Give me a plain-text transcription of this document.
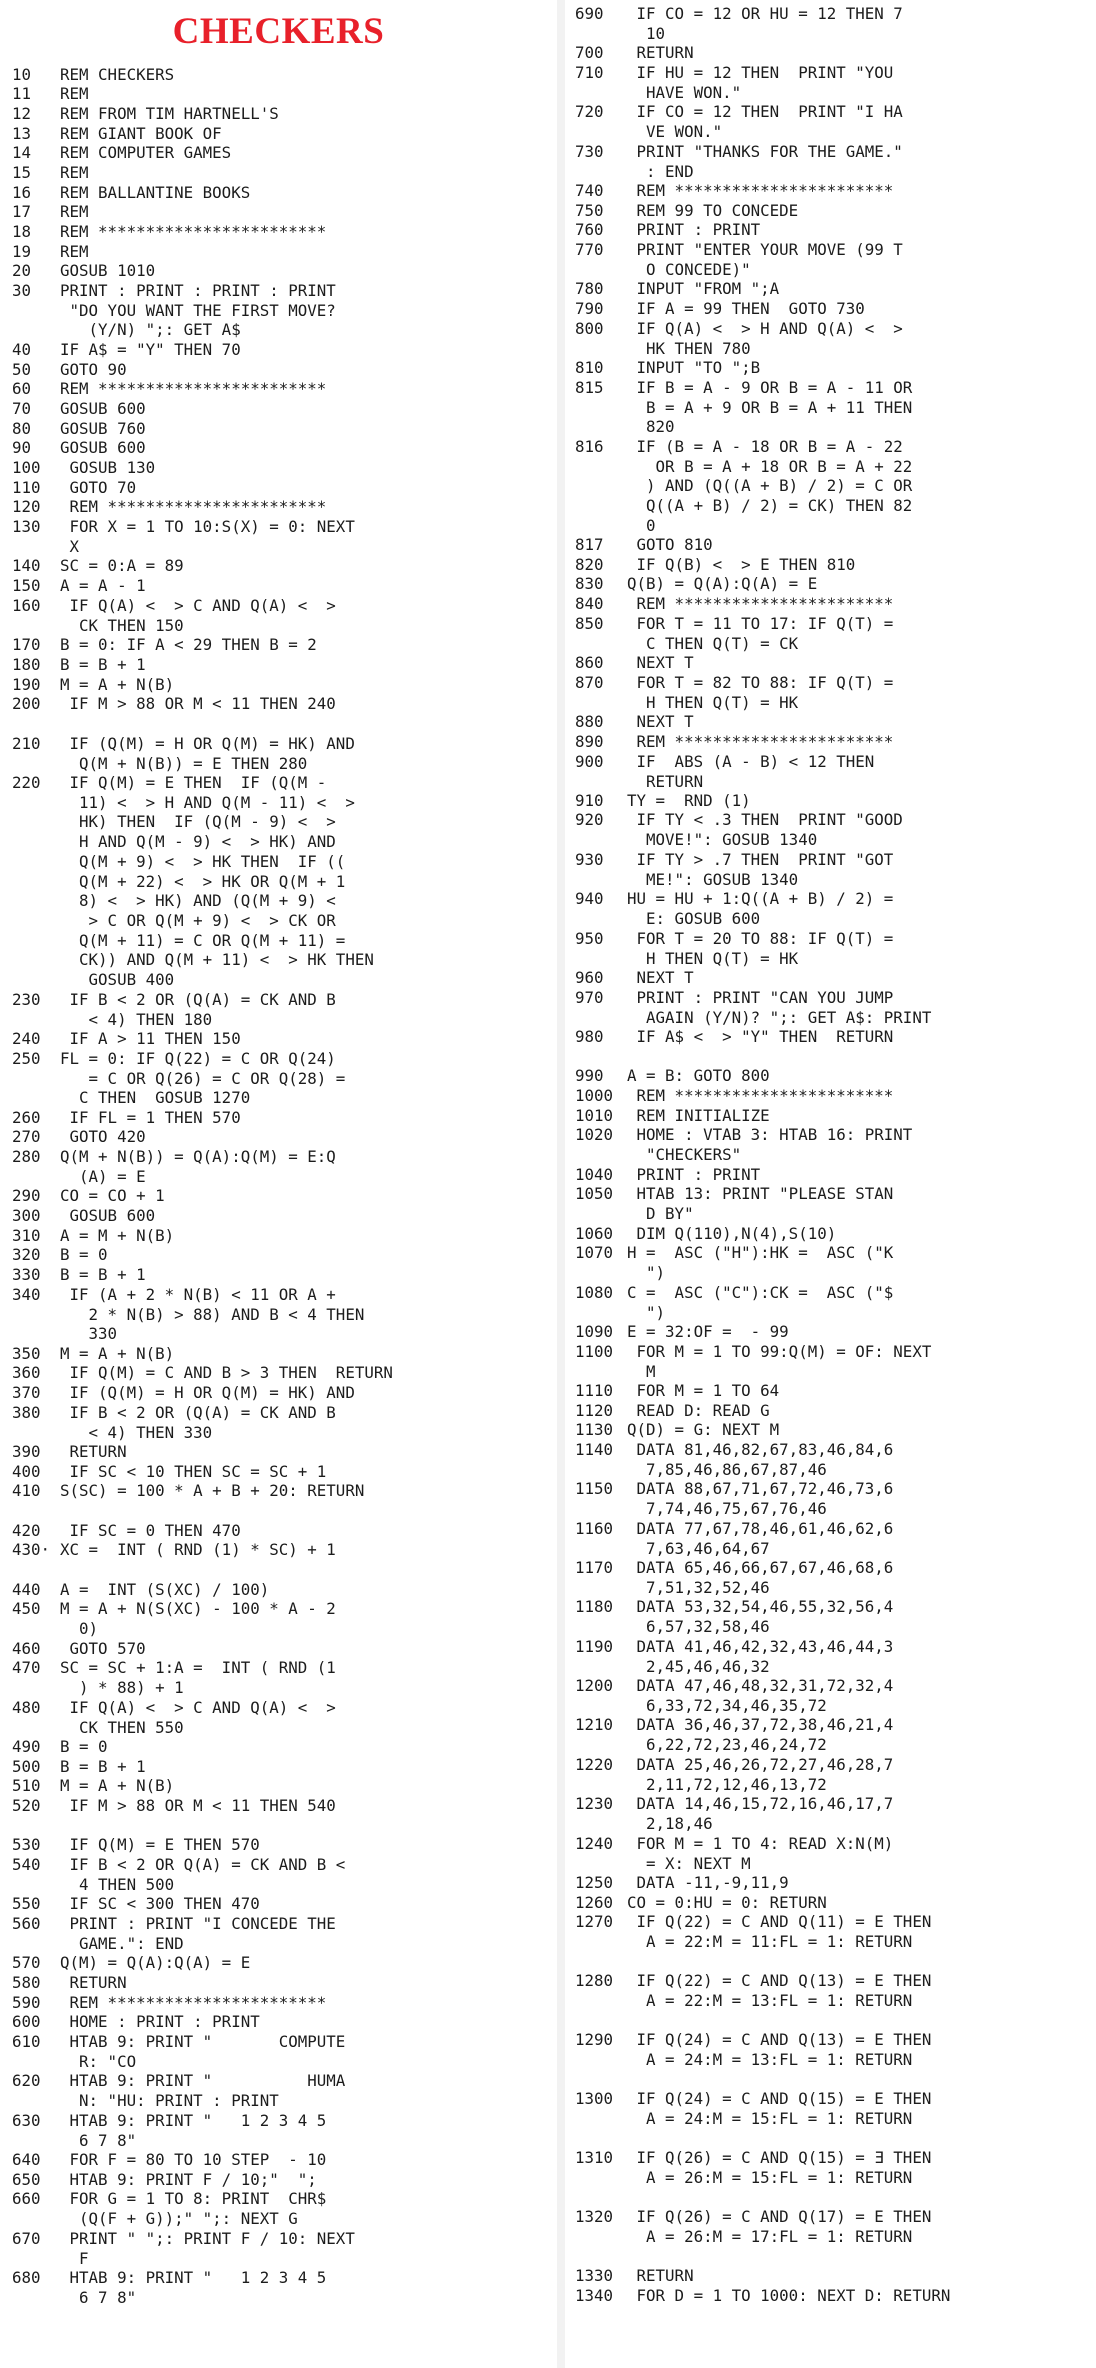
CHECKERS
10 REM CHECKERS
11 REM
12 REM FROM TIM HARTNELL'S
13 REM GIANT BOOK OF
14 REM COMPUTER GAMES
15 REM
16 REM BALLANTINE BOOKS
17 REM
18 REM ************************
19 REM
20 GOSUB 1010
30 PRINT : PRINT : PRINT : PRINT
"DO YOU WANT THE FIRST MOVE?
(Y/N) ";: GET A$
40 IF A$ = "Y" THEN 70
50 GOTO 90
60 REM ************************
70 GOSUB 600
80 GOSUB 760
90 GOSUB 600
100 GOSUB 130
110 GOTO 70
120 REM ***********************
130	FOR X = 1 TO 10:S(X) = 0: NEXT
X
140 SC = 0:A = 89
150 A = A - 1
160	IF Q(A) <  > C AND Q(A) <  >
CK THEN 150
170 B = 0: IF A < 29 THEN B = 2
180 B = B + 1
190 M = A + N(B)
200 IF M > 88 OR M < 11 THEN 240
210	IF (Q(M) = H OR Q(M) = HK) AND
Q(M + N(B)) = E THEN 280
220	IF Q(M) = E THEN  IF (Q(M -
11) <  > H AND Q(M - 11) <  >
HK) THEN  IF (Q(M - 9) <  >
H AND Q(M - 9) <  > HK) AND
Q(M + 9) <  > HK THEN  IF ((
Q(M + 22) <  > HK OR Q(M + 1
8) <  > HK) AND (Q(M + 9) <
> C OR Q(M + 9) <  > CK OR
Q(M + 11) = C OR Q(M + 11) =
CK)) AND Q(M + 11) <  > HK THEN
GOSUB 400
230	IF B < 2 OR (Q(A) = CK AND B
< 4) THEN 180
240 IF A > 11 THEN 150
250 FL = 0: IF Q(22) = C OR Q(24)
= C OR Q(26) = C OR Q(28) =
C THEN  GOSUB 1270
260 IF FL = 1 THEN 570
270 GOTO 420
280 Q(M + N(B)) = Q(A):Q(M) = E:Q
(A) = E
290 CO = CO + 1
300 GOSUB 600
310 A = M + N(B)
320 B = 0
330 B = B + 1
340	IF (A + 2 * N(B) < 11 OR A +
2 * N(B) > 88) AND B < 4 THEN
330
350 M = A + N(B)
360 IF Q(M) = C AND B > 3 THEN  RETURN
370 IF (Q(M) = H OR Q(M) = HK) AND
380	IF B < 2 OR (Q(A) = CK AND B
< 4) THEN 330
390 RETURN
400 IF SC < 10 THEN SC = SC + 1
410 S(SC) = 100 * A + B + 20: RETURN
420 IF SC = 0 THEN 470
430· XC =  INT ( RND (1) * SC) + 1
440 A =  INT (S(XC) / 100)
450 M = A + N(S(XC) - 100 * A - 2
0)
460 GOTO 570
470 SC = SC + 1:A =  INT ( RND (1
) * 88) + 1
480	IF Q(A) <  > C AND Q(A) <  >
CK THEN 550
490 B = 0
500 B = B + 1
510 M = A + N(B)
520 IF M > 88 OR M < 11 THEN 540
530 IF Q(M) = E THEN 570
540	IF B < 2 OR Q(A) = CK AND B <
4 THEN 500
550 IF SC < 300 THEN 470
560	PRINT : PRINT "I CONCEDE THE
GAME.": END
570 Q(M) = Q(A):Q(A) = E
580 RETURN
590 REM ***********************
600 HOME : PRINT : PRINT
610	HTAB 9: PRINT "       COMPUTE
R: "CO
620	HTAB 9: PRINT "          HUMA
N: "HU: PRINT : PRINT
630	HTAB 9: PRINT "   1 2 3 4 5
6 7 8"
640 FOR F = 80 TO 10 STEP  - 10
650 HTAB 9: PRINT F / 10;"  ";
660	FOR G = 1 TO 8: PRINT  CHR$
(Q(F + G));" ";: NEXT G
670	PRINT " ";: PRINT F / 10: NEXT
F
680	HTAB 9: PRINT "   1 2 3 4 5
6 7 8"
690	IF CO = 12 OR HU = 12 THEN 7
10
700 RETURN
710	IF HU = 12 THEN  PRINT "YOU
HAVE WON."
720	IF CO = 12 THEN  PRINT "I HA
VE WON."
730	PRINT "THANKS FOR THE GAME."
: END
740 REM ***********************
750 REM 99 TO CONCEDE
760 PRINT : PRINT
770	PRINT "ENTER YOUR MOVE (99 T
O CONCEDE)"
780 INPUT "FROM ";A
790 IF A = 99 THEN  GOTO 730
800	IF Q(A) <  > H AND Q(A) <  >
HK THEN 780
810 INPUT "TO ";B
815	IF B = A - 9 OR B = A - 11 OR
B = A + 9 OR B = A + 11 THEN
820
816	IF (B = A - 18 OR B = A - 22
OR B = A + 18 OR B = A + 22
) AND (Q((A + B) / 2) = C OR
Q((A + B) / 2) = CK) THEN 82
0
817 GOTO 810
820 IF Q(B) <  > E THEN 810
830 Q(B) = Q(A):Q(A) = E
840 REM ***********************
850	FOR T = 11 TO 17: IF Q(T) =
C THEN Q(T) = CK
860 NEXT T
870	FOR T = 82 TO 88: IF Q(T) =
H THEN Q(T) = HK
880 NEXT T
890 REM ***********************
900	IF  ABS (A - B) < 12 THEN
RETURN
910 TY =  RND (1)
920	IF TY < .3 THEN  PRINT "GOOD
MOVE!": GOSUB 1340
930	IF TY > .7 THEN  PRINT "GOT
ME!": GOSUB 1340
940 HU = HU + 1:Q((A + B) / 2) =
E: GOSUB 600
950	FOR T = 20 TO 88: IF Q(T) =
H THEN Q(T) = HK
960 NEXT T
970	PRINT : PRINT "CAN YOU JUMP
AGAIN (Y/N)? ";: GET A$: PRINT
980 IF A$ <  > "Y" THEN  RETURN
990 A = B: GOTO 800
1000 REM ***********************
1010 REM INITIALIZE
1020	HOME : VTAB 3: HTAB 16: PRINT
"CHECKERS"
1040 PRINT : PRINT
1050	HTAB 13: PRINT "PLEASE STAN
D BY"
1060 DIM Q(110),N(4),S(10)
1070 H =  ASC ("H"):HK =  ASC ("K
")
1080 C =  ASC ("C"):CK =  ASC ("$
")
1090 E = 32:OF =  - 99
1100	FOR M = 1 TO 99:Q(M) = OF: NEXT
M
1110 FOR M = 1 TO 64
1120 READ D: READ G
1130 Q(D) = G: NEXT M
1140	DATA 81,46,82,67,83,46,84,6
7,85,46,86,67,87,46
1150	DATA 88,67,71,67,72,46,73,6
7,74,46,75,67,76,46
1160	DATA 77,67,78,46,61,46,62,6
7,63,46,64,67
1170	DATA 65,46,66,67,67,46,68,6
7,51,32,52,46
1180	DATA 53,32,54,46,55,32,56,4
6,57,32,58,46
1190	DATA 41,46,42,32,43,46,44,3
2,45,46,46,32
1200	DATA 47,46,48,32,31,72,32,4
6,33,72,34,46,35,72
1210	DATA 36,46,37,72,38,46,21,4
6,22,72,23,46,24,72
1220	DATA 25,46,26,72,27,46,28,7
2,11,72,12,46,13,72
1230	DATA 14,46,15,72,16,46,17,7
2,18,46
1240	FOR M = 1 TO 4: READ X:N(M)
= X: NEXT M
1250 DATA -11,-9,11,9
1260 CO = 0:HU = 0: RETURN
1270	IF Q(22) = C AND Q(11) = E THEN
A = 22:M = 11:FL = 1: RETURN
1280	IF Q(22) = C AND Q(13) = E THEN
A = 22:M = 13:FL = 1: RETURN
1290	IF Q(24) = C AND Q(13) = E THEN
A = 24:M = 13:FL = 1: RETURN
1300	IF Q(24) = C AND Q(15) = E THEN
A = 24:M = 15:FL = 1: RETURN
1310	IF Q(26) = C AND Q(15) = Ǝ THEN
A = 26:M = 15:FL = 1: RETURN
1320	IF Q(26) = C AND Q(17) = E THEN
A = 26:M = 17:FL = 1: RETURN
1330 RETURN
1340 FOR D = 1 TO 1000: NEXT D: RETURN
